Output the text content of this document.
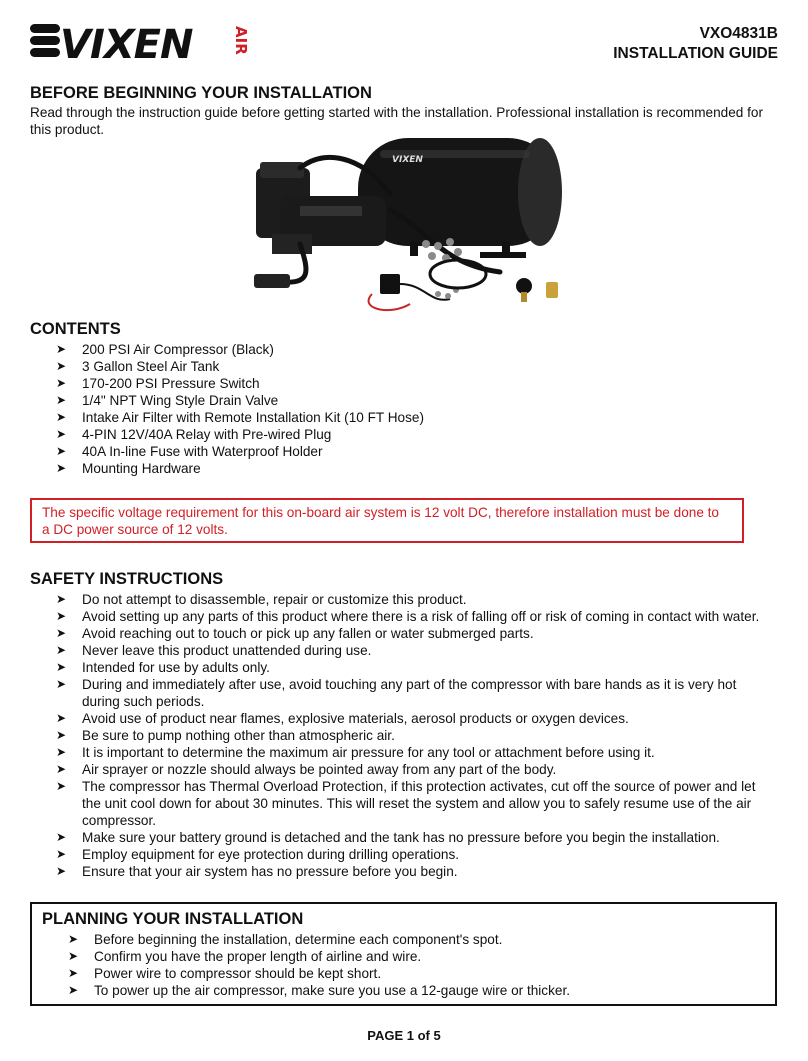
VIXEN	AIR	VXO4831B
INSTALLATION GUIDE
BEFORE BEGINNING YOUR INSTALLATION
Read through the instruction guide before getting started with the installation. Professional installation is recommended for
this product.
VIXEN
CONTENTS
➤	200 PSI Air Compressor (Black)
➤	3 Gallon Steel Air Tank
➤	170-200 PSI Pressure Switch
➤	1/4" NPT Wing Style Drain Valve
➤	Intake Air Filter with Remote Installation Kit (10 FT Hose)
➤	4-PIN 12V/40A Relay with Pre-wired Plug
➤	40A In-line Fuse with Waterproof Holder
➤	Mounting Hardware
The specific voltage requirement for this on-board air system is 12 volt DC, therefore installation must be done to
a DC power source of 12 volts.
SAFETY INSTRUCTIONS
➤	Do not attempt to disassemble, repair or customize this product.
➤	Avoid setting up any parts of this product where there is a risk of falling off or risk of coming in contact with water.
➤	Avoid reaching out to touch or pick up any fallen or water submerged parts.
➤	Never leave this product unattended during use.
➤	Intended for use by adults only.
➤	During and immediately after use, avoid touching any part of the compressor with bare hands as it is very hot
during such periods.
➤	Avoid use of product near flames, explosive materials, aerosol products or oxygen devices.
➤	Be sure to pump nothing other than atmospheric air.
➤	It is important to determine the maximum air pressure for any tool or attachment before using it.
➤	Air sprayer or nozzle should always be pointed away from any part of the body.
➤	The compressor has Thermal Overload Protection, if this protection activates, cut off the source of power and let
the unit cool down for about 30 minutes. This will reset the system and allow you to safely resume use of the air
compressor.
➤	Make sure your battery ground is detached and the tank has no pressure before you begin the installation.
➤	Employ equipment for eye protection during drilling operations.
➤	Ensure that your air system has no pressure before you begin.
PLANNING YOUR INSTALLATION
➤	Before beginning the installation, determine each component's spot.
➤	Confirm you have the proper length of airline and wire.
➤	Power wire to compressor should be kept short.
➤	To power up the air compressor, make sure you use a 12-gauge wire or thicker.
PAGE 1 of 5
